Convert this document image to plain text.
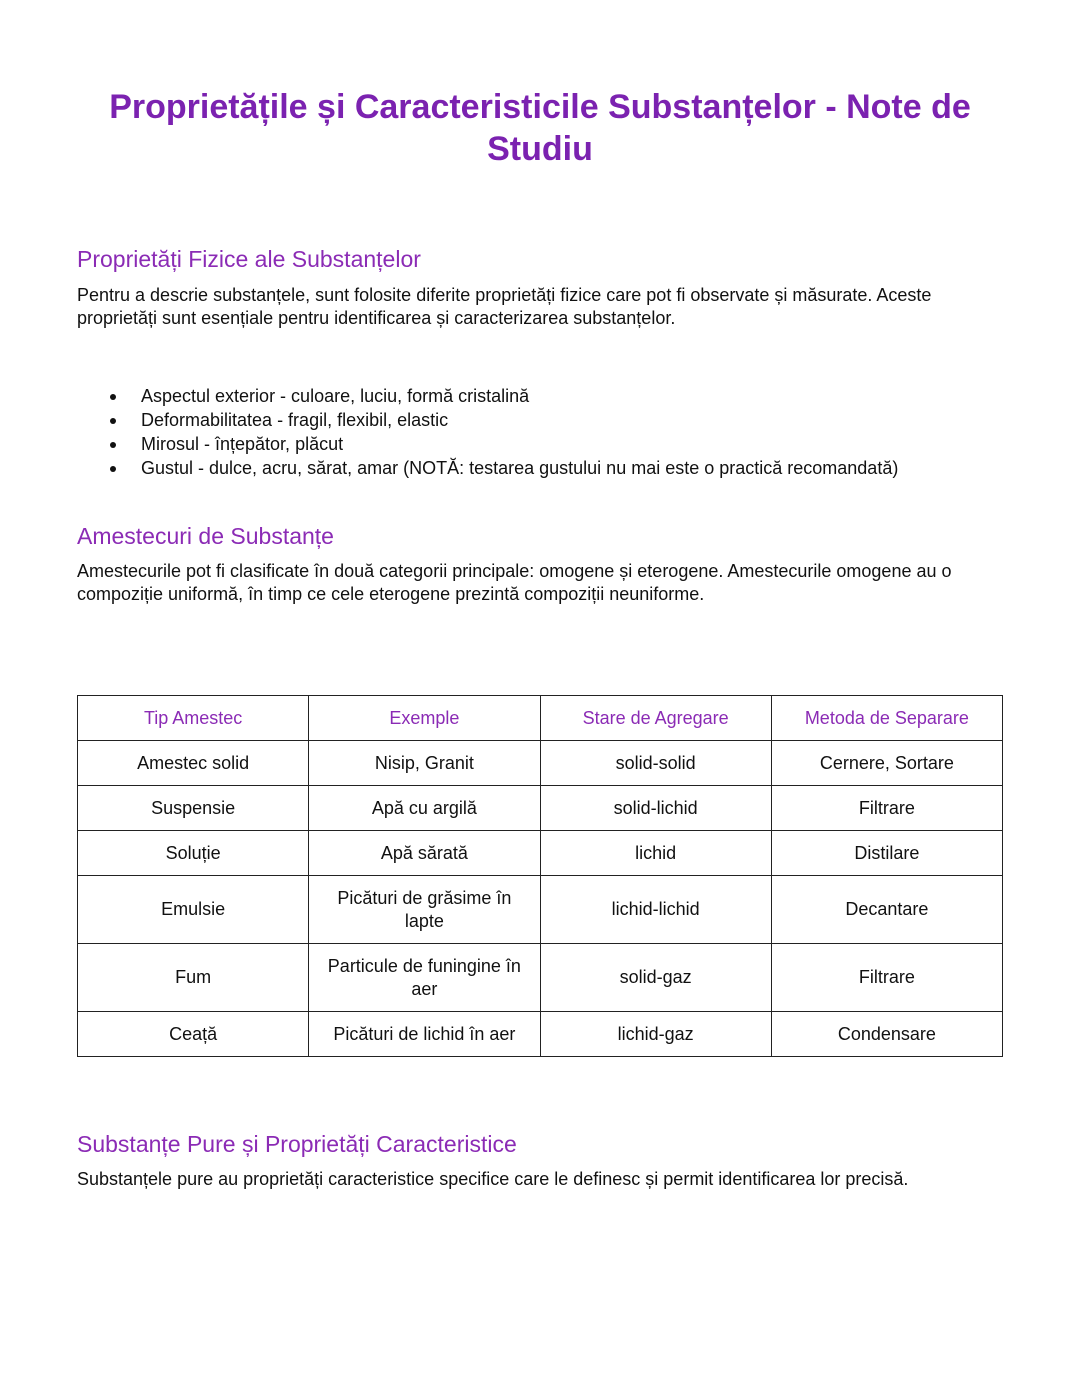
Proprietățile și Caracteristicile Substanțelor - Note de Studiu
Proprietăți Fizice ale Substanțelor

Pentru a descrie substanțele, sunt folosite diferite proprietăți fizice care pot fi observate și măsurate. Aceste proprietăți sunt esențiale pentru identificarea și caracterizarea substanțelor.

Aspectul exterior - culoare, luciu, formă cristalină
Deformabilitatea - fragil, flexibil, elastic
Mirosul - înțepător, plăcut
Gustul - dulce, acru, sărat, amar (NOTĂ: testarea gustului nu mai este o practică recomandată)
Amestecuri de Substanțe

Amestecurile pot fi clasificate în două categorii principale: omogene și eterogene. Amestecurile omogene au o compoziție uniformă, în timp ce cele eterogene prezintă compoziții neuniforme.

Tip Amestec	Exemple	Stare de Agregare	Metoda de Separare
Amestec solid	Nisip, Granit	solid-solid	Cernere, Sortare
Suspensie	Apă cu argilă	solid-lichid	Filtrare
Soluție	Apă sărată	lichid	Distilare
Emulsie	Picături de grăsime în lapte	lichid-lichid	Decantare
Fum	Particule de funingine în aer	solid-gaz	Filtrare
Ceață	Picături de lichid în aer	lichid-gaz	Condensare
Substanțe Pure și Proprietăți Caracteristice

Substanțele pure au proprietăți caracteristice specifice care le definesc și permit identificarea lor precisă.
